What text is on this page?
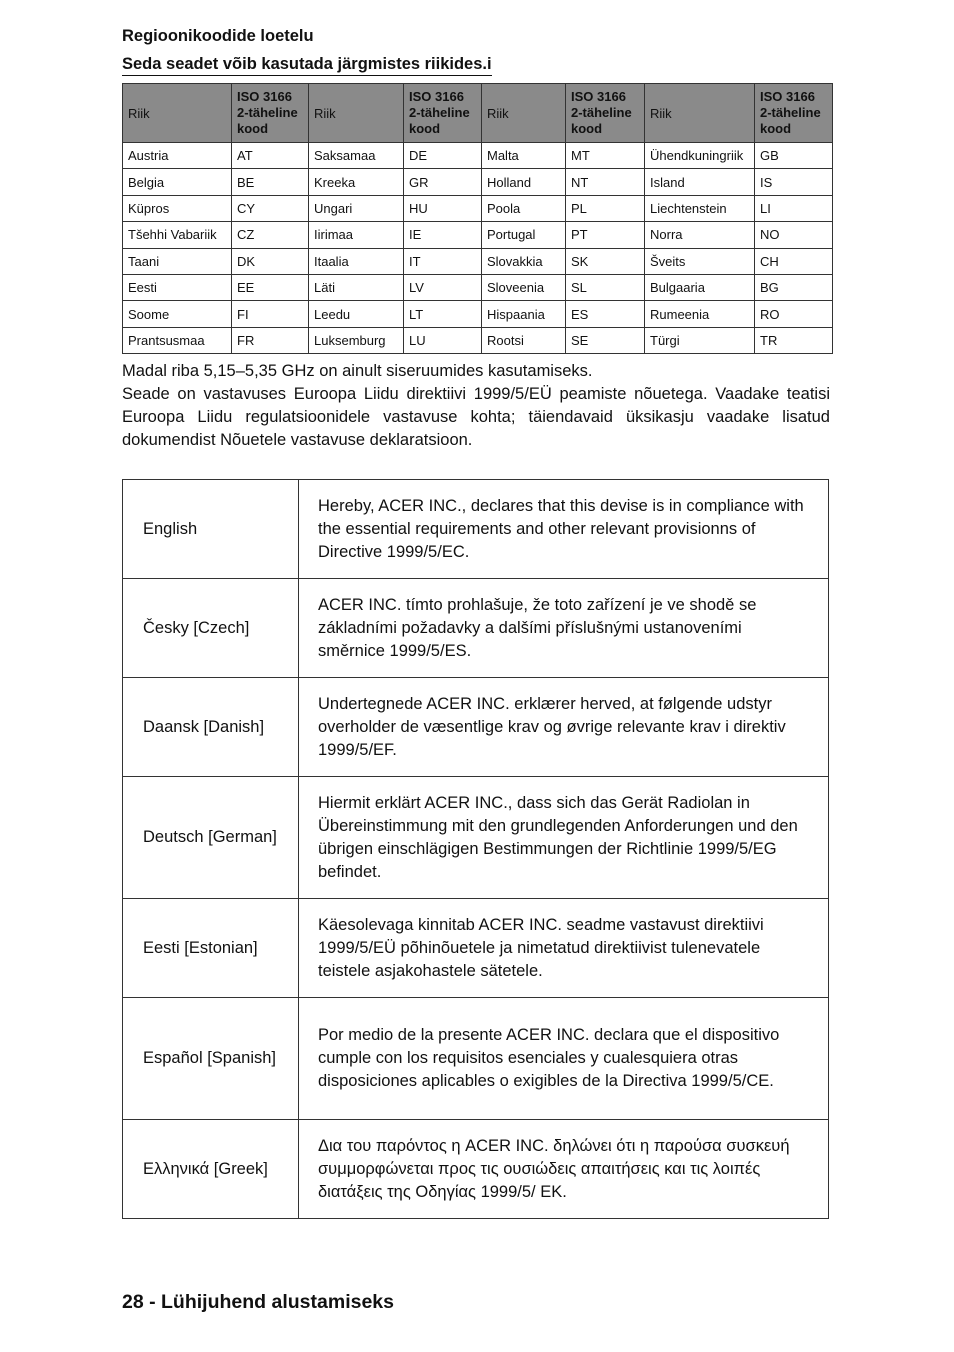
Regioonikoodide loetelu
Seda seadet võib kasutada järgmistes riikides.i
Riik	ISO 3166 2-täheline kood	Riik	ISO 3166 2-täheline kood	Riik	ISO 3166 2-täheline kood	Riik	ISO 3166 2-täheline kood
Austria	AT	Saksamaa	DE	Malta	MT	Ühendkuningriik	GB
Belgia	BE	Kreeka	GR	Holland	NT	Island	IS
Küpros	CY	Ungari	HU	Poola	PL	Liechtenstein	LI
Tšehhi Vabariik	CZ	Iirimaa	IE	Portugal	PT	Norra	NO
Taani	DK	Itaalia	IT	Slovakkia	SK	Šveits	CH
Eesti	EE	Läti	LV	Sloveenia	SL	Bulgaaria	BG
Soome	FI	Leedu	LT	Hispaania	ES	Rumeenia	RO
Prantsusmaa	FR	Luksemburg	LU	Rootsi	SE	Türgi	TR

Madal riba 5,15–5,35 GHz on ainult siseruumides kasutamiseks.

Seade on vastavuses Euroopa Liidu direktiivi 1999/5/EÜ peamiste nõuetega. Vaadake teatisi Euroopa Liidu regulatsioonidele vastavuse kohta; täiendavaid üksikasju vaadake lisatud dokumendist Nõuetele vastavuse deklaratsioon.

English	Hereby, ACER INC., declares that this devise is in compliance with the essential requirements and other relevant provisionns of Directive 1999/5/EC.
Česky [Czech]	ACER INC. tímto prohlašuje, že toto zařízení je ve shodě se základními požadavky a dalšími příslušnými ustanoveními směrnice 1999/5/ES.
Daansk [Danish]	Undertegnede ACER INC. erklærer herved, at følgende udstyr overholder de væsentlige krav og øvrige relevante krav i direktiv 1999/5/EF.
Deutsch [German]	Hiermit erklärt ACER INC., dass sich das Gerät Radiolan in Übereinstimmung mit den grundlegenden Anforderungen und den übrigen einschlägigen Bestimmungen der Richtlinie 1999/5/EG befindet.
Eesti [Estonian]	Käesolevaga kinnitab ACER INC. seadme vastavust direktiivi 1999/5/EÜ põhinõuetele ja nimetatud direktiivist tulenevatele teistele asjakohastele sätetele.
Español [Spanish]	Por medio de la presente ACER INC. declara que el dispositivo cumple con los requisitos esenciales y cualesquiera otras disposiciones aplicables o exigibles de la Directiva 1999/5/CE.
Ελληνικά [Greek]	Δια του παρόντος η ACER INC. δηλώνει ότι η παρούσα συσκευή συμμορφώνεται προς τις ουσιώδεις απαιτήσεις και τις λοιπές διατάξεις της Οδηγίας 1999/5/ ΕΚ.
28 - Lühijuhend alustamiseks
